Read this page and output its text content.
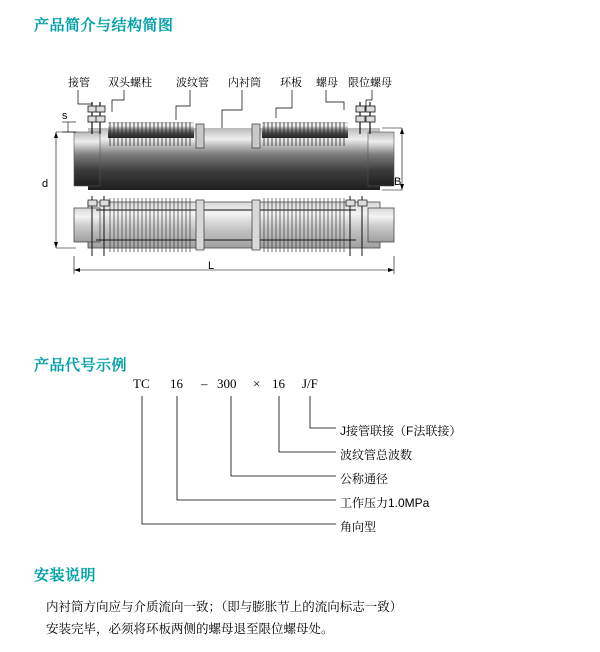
产品简介与结构简图
产品代号示例
安装说明
接管 双头螺柱 波纹管 内衬筒 环板 螺母 限位螺母
s
d	B
L
TC 16 – 300 × 16 J/F
J接管联接（F法联接）
波纹管总波数
公称通径
工作压力1.0MPa
角向型
内衬筒方向应与介质流向一致；（即与膨胀节上的流向标志一致）
安装完毕，必须将环板两侧的螺母退至限位螺母处。
